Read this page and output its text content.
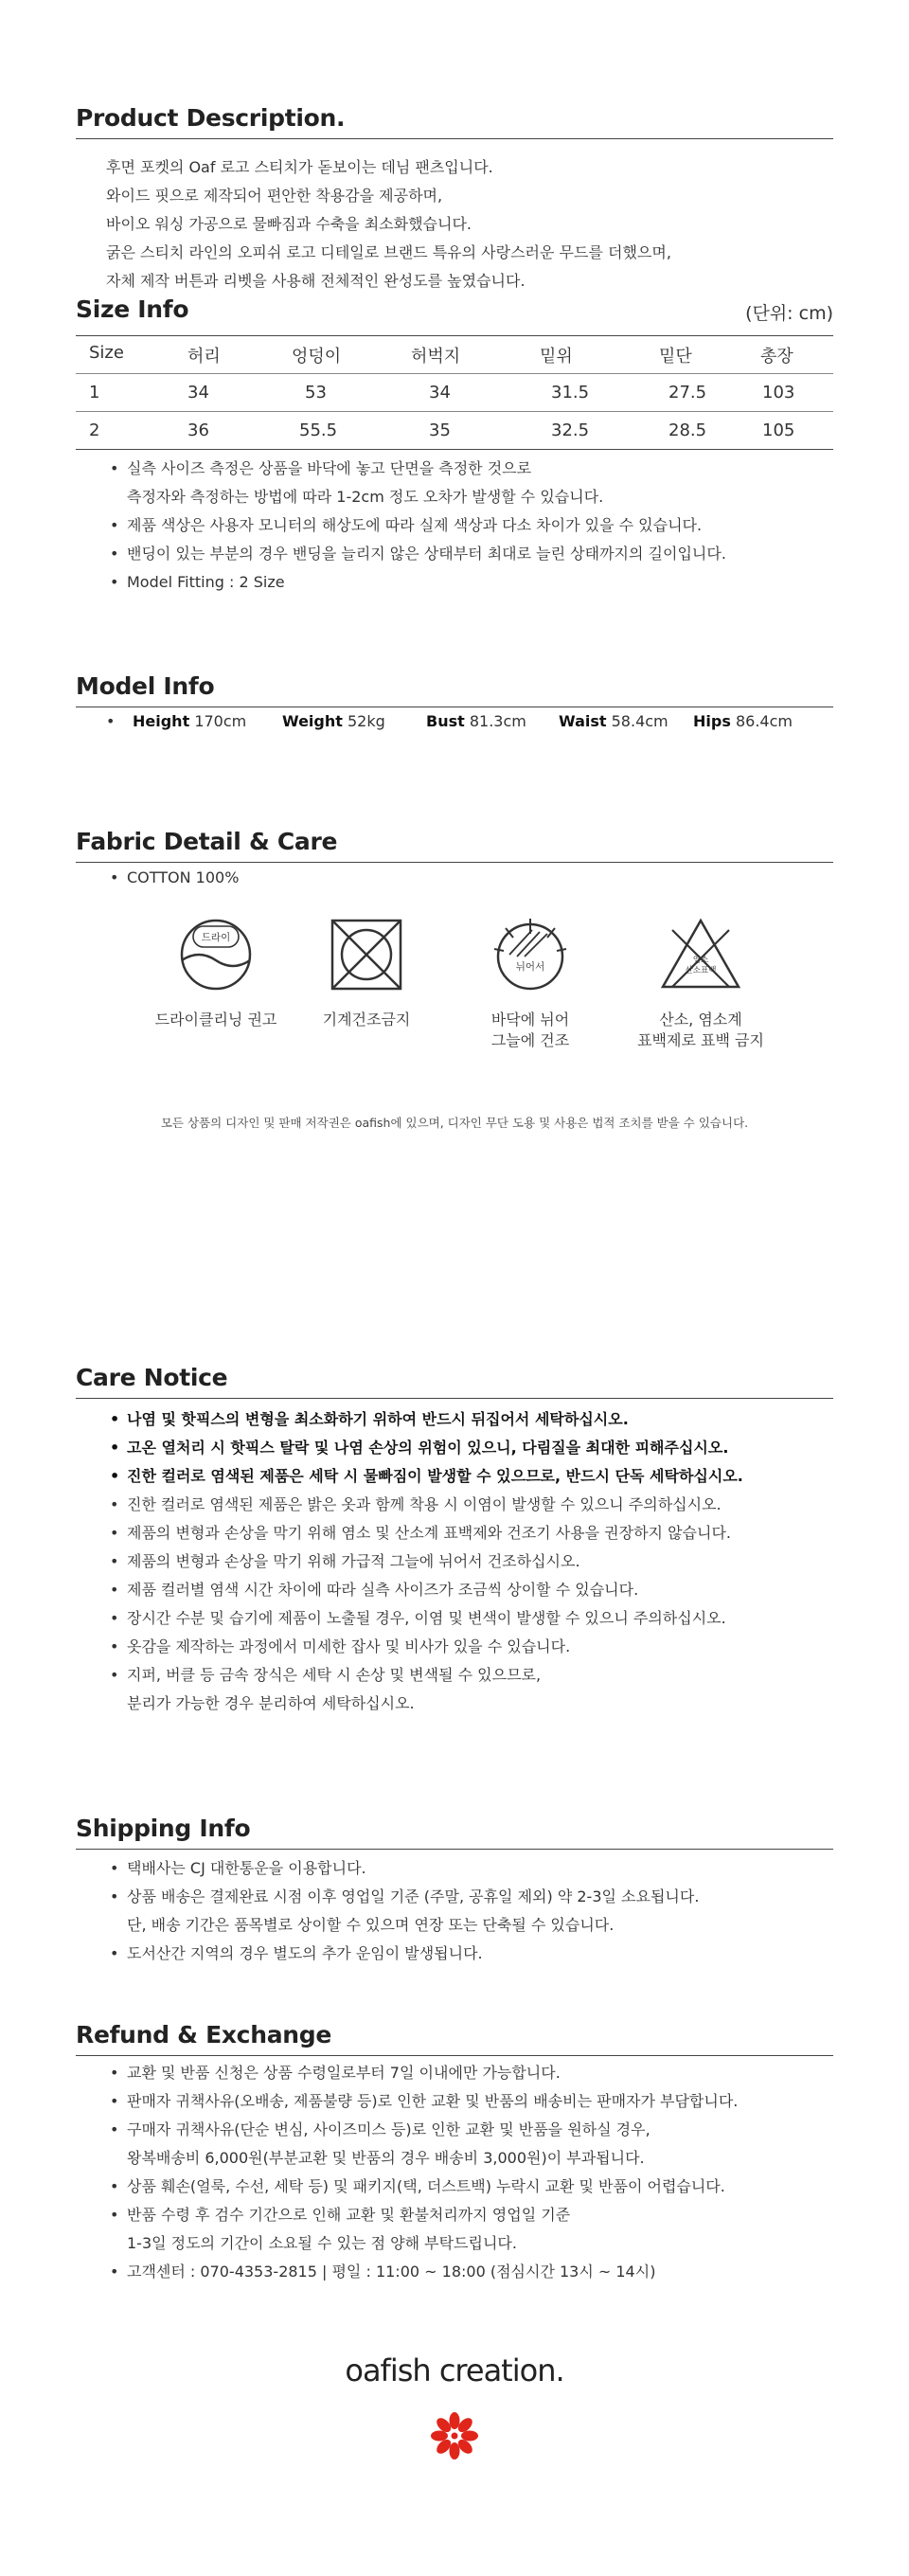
Product Description.
후면 포켓의 Oaf 로고 스티치가 돋보이는 데님 팬츠입니다.
와이드 핏으로 제작되어 편안한 착용감을 제공하며,
바이오 워싱 가공으로 물빠짐과 수축을 최소화했습니다.
굵은 스티치 라인의 오피쉬 로고 디테일로 브랜드 특유의 사랑스러운 무드를 더했으며,
자체 제작 버튼과 리벳을 사용해 전체적인 완성도를 높였습니다.
Size Info	(단위: cm)
Size	허리	엉덩이	허벅지	밑위	밑단	총장
1	34	53	34	31.5	27.5	103
2	36	55.5	35	32.5	28.5	105
• 실측 사이즈 측정은 상품을 바닥에 놓고 단면을 측정한 것으로
측정자와 측정하는 방법에 따라 1-2cm 정도 오차가 발생할 수 있습니다.
• 제품 색상은 사용자 모니터의 해상도에 따라 실제 색상과 다소 차이가 있을 수 있습니다.
• 밴딩이 있는 부분의 경우 밴딩을 늘리지 않은 상태부터 최대로 늘린 상태까지의 길이입니다.
• Model Fitting : 2 Size
Model Info
• Height 170cm Weight 52kg	Bust 81.3cm Waist 58.4cm Hips 86.4cm
Fabric Detail & Care
• COTTON 100%
드라이
뉘어서
염소 산소표백
드라이클리닝 권고	기계건조금지	바닥에 뉘어
그늘에 건조
산소, 염소계
표백제로 표백 금지
모든 상품의 디자인 및 판매 저작권은 oafish에 있으며, 디자인 무단 도용 및 사용은 법적 조치를 받을 수 있습니다.
Care Notice
• 나염 및 핫픽스의 변형을 최소화하기 위하여 반드시 뒤집어서 세탁하십시오.
• 고온 열처리 시 핫픽스 탈락 및 나염 손상의 위험이 있으니, 다림질을 최대한 피해주십시오.
• 진한 컬러로 염색된 제품은 세탁 시 물빠짐이 발생할 수 있으므로, 반드시 단독 세탁하십시오.
• 진한 컬러로 염색된 제품은 밝은 옷과 함께 착용 시 이염이 발생할 수 있으니 주의하십시오.
• 제품의 변형과 손상을 막기 위해 염소 및 산소계 표백제와 건조기 사용을 권장하지 않습니다.
• 제품의 변형과 손상을 막기 위해 가급적 그늘에 뉘어서 건조하십시오.
• 제품 컬러별 염색 시간 차이에 따라 실측 사이즈가 조금씩 상이할 수 있습니다.
• 장시간 수분 및 습기에 제품이 노출될 경우, 이염 및 변색이 발생할 수 있으니 주의하십시오.
• 옷감을 제작하는 과정에서 미세한 잡사 및 비사가 있을 수 있습니다.
• 지퍼, 버클 등 금속 장식은 세탁 시 손상 및 변색될 수 있으므로,
분리가 가능한 경우 분리하여 세탁하십시오.
Shipping Info
• 택배사는 CJ 대한통운을 이용합니다.
• 상품 배송은 결제완료 시점 이후 영업일 기준 (주말, 공휴일 제외) 약 2-3일 소요됩니다.
단, 배송 기간은 품목별로 상이할 수 있으며 연장 또는 단축될 수 있습니다.
• 도서산간 지역의 경우 별도의 추가 운임이 발생됩니다.
Refund & Exchange
• 교환 및 반품 신청은 상품 수령일로부터 7일 이내에만 가능합니다.
• 판매자 귀책사유(오배송, 제품불량 등)로 인한 교환 및 반품의 배송비는 판매자가 부담합니다.
• 구매자 귀책사유(단순 변심, 사이즈미스 등)로 인한 교환 및 반품을 원하실 경우,
왕복배송비 6,000원(부분교환 및 반품의 경우 배송비 3,000원)이 부과됩니다.
• 상품 훼손(얼룩, 수선, 세탁 등) 및 패키지(택, 더스트백) 누락시 교환 및 반품이 어렵습니다.
• 반품 수령 후 검수 기간으로 인해 교환 및 환불처리까지 영업일 기준
1-3일 정도의 기간이 소요될 수 있는 점 양해 부탁드립니다.
• 고객센터 : 070-4353-2815 | 평일 : 11:00 ~ 18:00 (점심시간 13시 ~ 14시)
oafish creation.
